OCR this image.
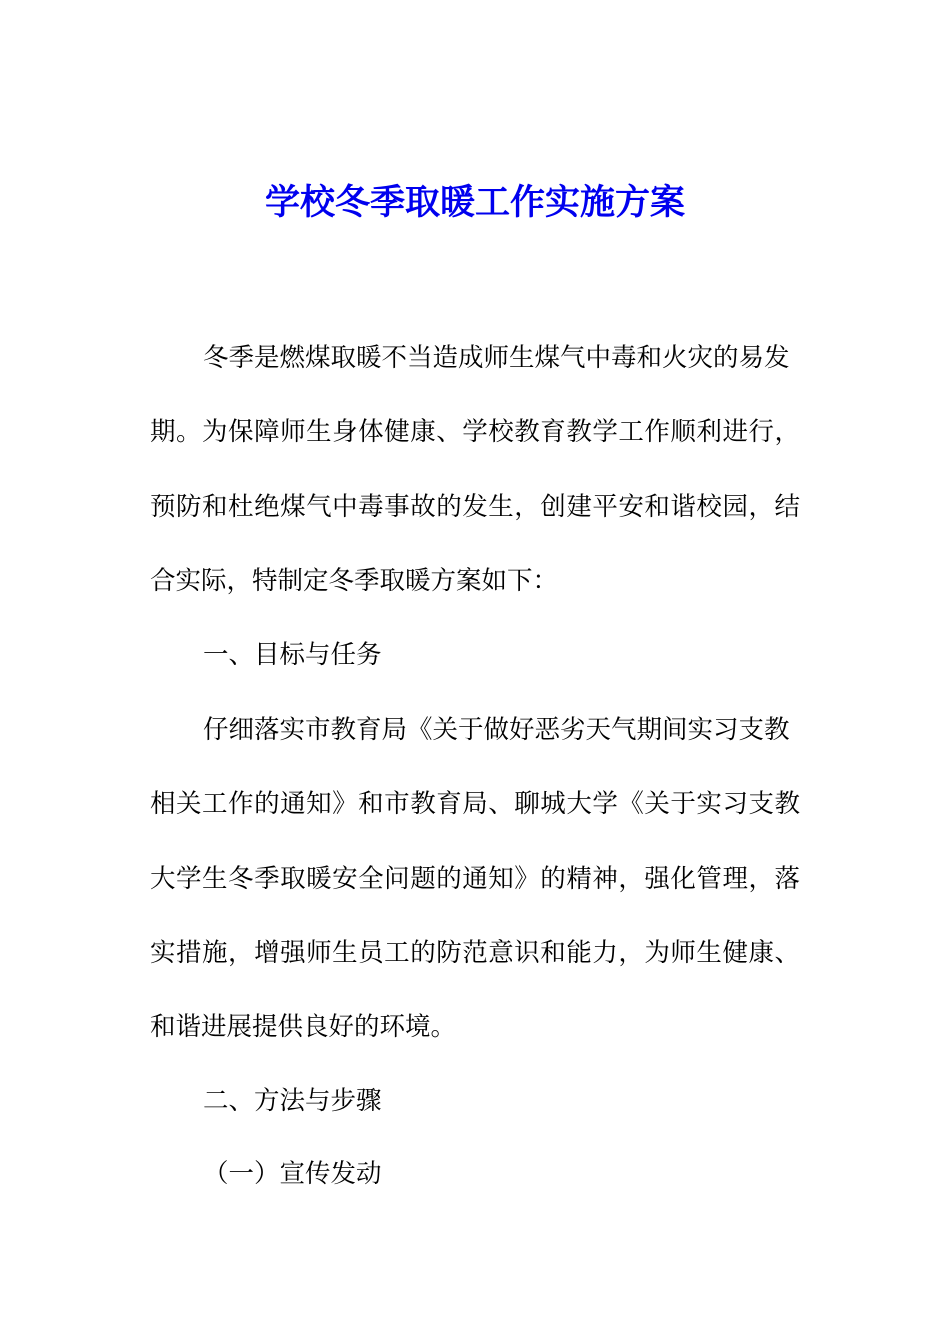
学校冬季取暖工作实施方案
冬季是燃煤取暖不当造成师生煤气中毒和火灾的易发
期。为保障师生身体健康、学校教育教学工作顺利进行，
预防和杜绝煤气中毒事故的发生，创建平安和谐校园，结
合实际，特制定冬季取暖方案如下：
一、目标与任务
仔细落实市教育局《关于做好恶劣天气期间实习支教
相关工作的通知》和市教育局、聊城大学《关于实习支教
大学生冬季取暖安全问题的通知》的精神，强化管理，落
实措施，增强师生员工的防范意识和能力，为师生健康、
和谐进展提供良好的环境。
二、方法与步骤
（一）宣传发动
